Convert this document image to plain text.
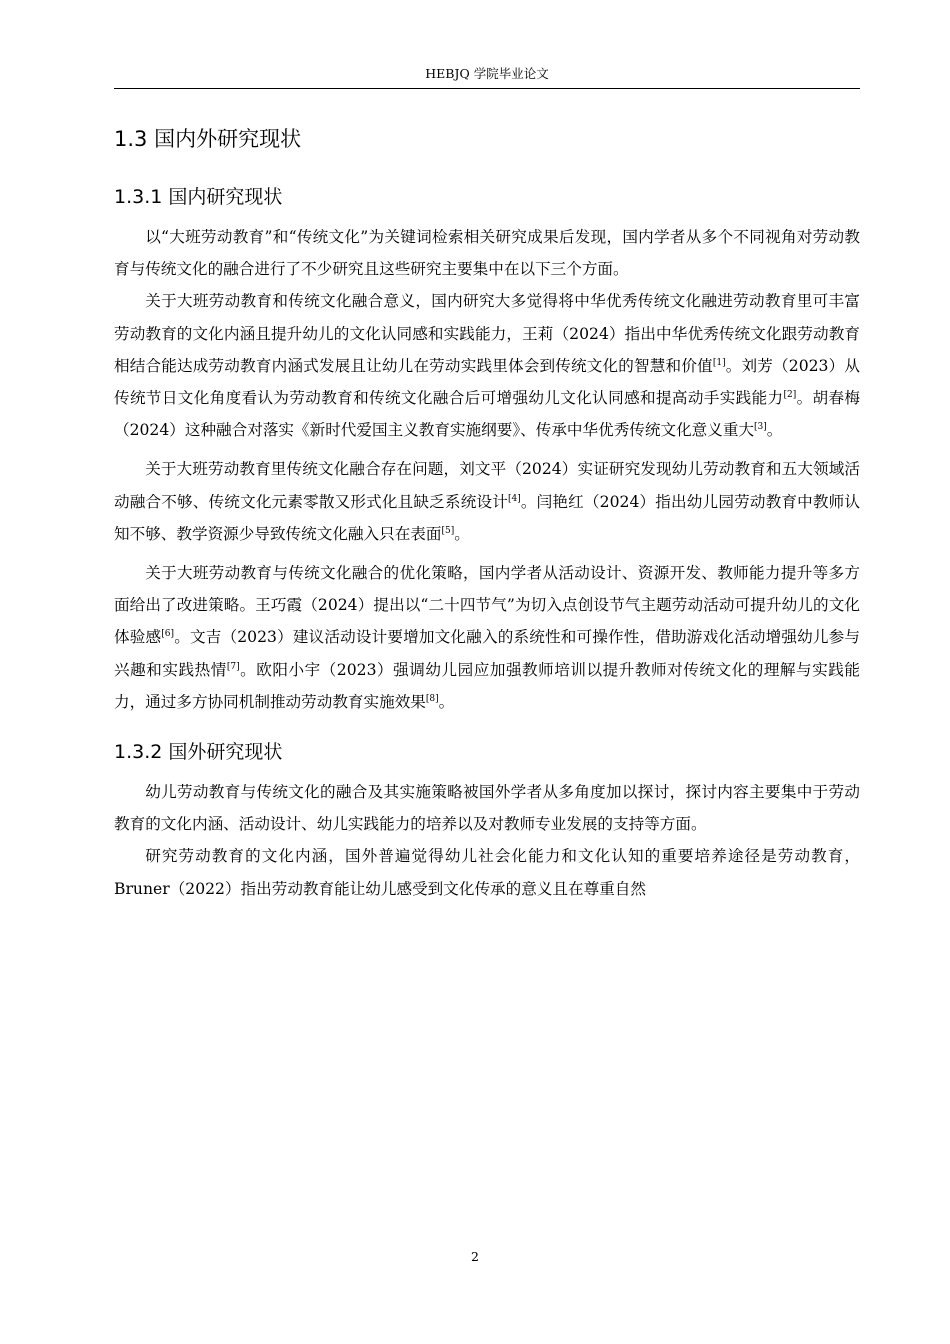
HEBJQ 学院毕业论文
1.3 国内外研究现状
1.3.1 国内研究现状

以“大班劳动教育”和“传统文化”为关键词检索相关研究成果后发现，国内学者从多个不同视角对劳动教育与传统文化的融合进行了不少研究且这些研究主要集中在以下三个方面。

关于大班劳动教育和传统文化融合意义，国内研究大多觉得将中华优秀传统文化融进劳动教育里可丰富劳动教育的文化内涵且提升幼儿的文化认同感和实践能力，王莉（2024）指出中华优秀传统文化跟劳动教育相结合能达成劳动教育内涵式发展且让幼儿在劳动实践里体会到传统文化的智慧和价值[1]。刘芳（2023）从传统节日文化角度看认为劳动教育和传统文化融合后可增强幼儿文化认同感和提高动手实践能力[2]。胡春梅（2024）这种融合对落实《新时代爱国主义教育实施纲要》、传承中华优秀传统文化意义重大[3]。

关于大班劳动教育里传统文化融合存在问题，刘文平（2024）实证研究发现幼儿劳动教育和五大领域活动融合不够、传统文化元素零散又形式化且缺乏系统设计[4]。闫艳红（2024）指出幼儿园劳动教育中教师认知不够、教学资源少导致传统文化融入只在表面[5]。

关于大班劳动教育与传统文化融合的优化策略，国内学者从活动设计、资源开发、教师能力提升等多方面给出了改进策略。王巧霞（2024）提出以“二十四节气”为切入点创设节气主题劳动活动可提升幼儿的文化体验感[6]。文吉（2023）建议活动设计要增加文化融入的系统性和可操作性，借助游戏化活动增强幼儿参与兴趣和实践热情[7]。欧阳小宇（2023）强调幼儿园应加强教师培训以提升教师对传统文化的理解与实践能力，通过多方协同机制推动劳动教育实施效果[8]。

1.3.2 国外研究现状

幼儿劳动教育与传统文化的融合及其实施策略被国外学者从多角度加以探讨，探讨内容主要集中于劳动教育的文化内涵、活动设计、幼儿实践能力的培养以及对教师专业发展的支持等方面。

研究劳动教育的文化内涵，国外普遍觉得幼儿社会化能力和文化认知的重要培养途径是劳动教育，Bruner（2022）指出劳动教育能让幼儿感受到文化传承的意义且在尊重自然

2
